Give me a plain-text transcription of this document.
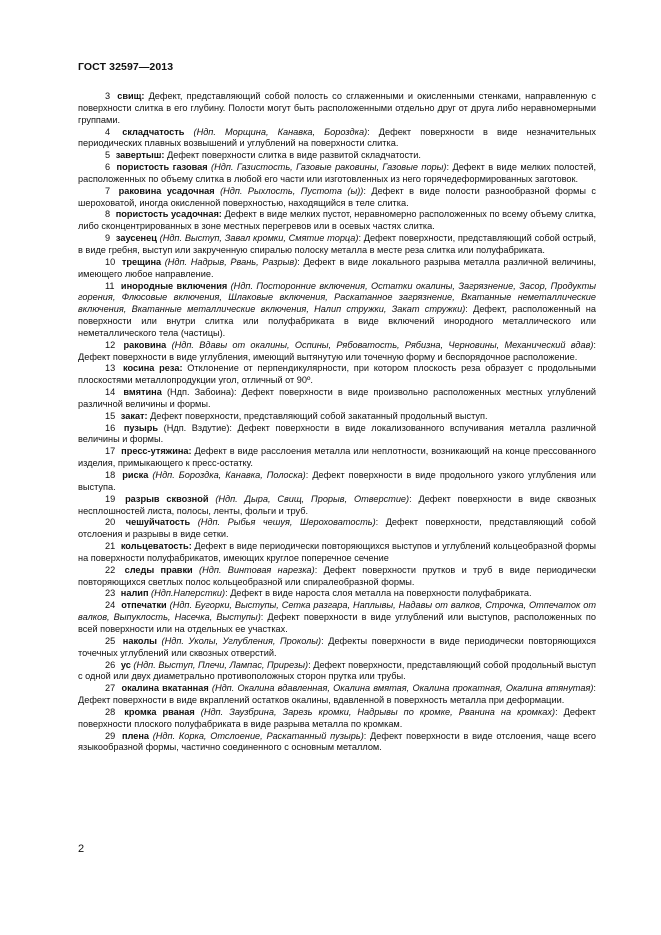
ГОСТ 32597—2013

3 свищ: Дефект, представляющий собой полость со сглаженными и окисленными стенками, направленную с поверхности слитка в его глубину. Полости могут быть расположенными отдельно друг от друга либо неравномерными группами.

4 складчатость (Ндп. Морщина, Канавка, Бороздка): Дефект поверхности в виде незначительных периодических плавных возвышений и углублений на поверхности слитка.

5 завертыш: Дефект поверхности слитка в виде развитой складчатости.

6 пористость газовая (Ндп. Газистость, Газовые раковины, Газовые поры): Дефект в виде мелких полостей, расположенных по объему слитка в любой его части или изготовленных из него горячедеформированных заготовок.

7 раковина усадочная (Ндп. Рыхлость, Пустота (ы)): Дефект в виде полости разнообразной формы с шероховатой, иногда окисленной поверхностью, находящийся в теле слитка.

8 пористость усадочная: Дефект в виде мелких пустот, неравномерно расположенных по всему объему слитка, либо сконцентрированных в зоне местных перегревов или в осевых частях слитка.

9 заусенец (Ндп. Выступ, Завал кромки, Смятие торца): Дефект поверхности, представляющий собой острый, в виде гребня, выступ или закрученную спиралью полоску металла в месте реза слитка или полуфабриката.

10 трещина (Ндп. Надрыв, Рвань, Разрыв): Дефект в виде локального разрыва металла различной величины, имеющего любое направление.

11 инородные включения (Ндп. Посторонние включения, Остатки окалины, Загрязнение, Засор, Продукты горения, Флюсовые включения, Шлаковые включения, Раскатанное загрязнение, Вкатанные неметаллические включения, Вкатанные металлические включения, Налип стружки, Закат стружки): Дефект, расположенный на поверхности или внутри слитка или полуфабриката в виде включений инородного металлического или неметаллического тела (частицы).

12 раковина (Ндп. Вдавы от окалины, Оспины, Рябоватость, Рябизна, Черновины, Механический вдав): Дефект поверхности в виде углубления, имеющий вытянутую или точечную форму и беспорядочное расположение.

13 косина реза: Отклонение от перпендикулярности, при котором плоскость реза образует с продольными плоскостями металлопродукции угол, отличный от 90º.

14 вмятина (Ндп. Забоина): Дефект поверхности в виде произвольно расположенных местных углублений различной величины и формы.

15 закат: Дефект поверхности, представляющий собой закатанный продольный выступ.

16 пузырь (Ндп. Вздутие): Дефект поверхности в виде локализованного вспучивания металла различной величины и формы.

17 пресс-утяжина: Дефект в виде расслоения металла или неплотности, возникающий на конце прессованного изделия, примыкающего к пресс-остатку.

18 риска (Ндп. Бороздка, Канавка, Полоска): Дефект поверхности в виде продольного узкого углубления или выступа.

19 разрыв сквозной (Ндп. Дыра, Свищ, Прорыв, Отверстие): Дефект поверхности в виде сквозных несплошностей листа, полосы, ленты, фольги и труб.

20 чешуйчатость (Ндп. Рыбья чешуя, Шероховатость): Дефект поверхности, представляющий собой отслоения и разрывы в виде сетки.

21 кольцеватость: Дефект в виде периодически повторяющихся выступов и углублений кольцеобразной формы на поверхности полуфабрикатов, имеющих круглое поперечное сечение

22 следы правки (Ндп. Винтовая нарезка): Дефект поверхности прутков и труб в виде периодически повторяющихся светлых полос кольцеобразной или спиралеобразной формы.

23 налип (Ндп.Наперстки): Дефект в виде нароста слоя металла на поверхности полуфабриката.

24 отпечатки (Ндп. Бугорки, Выступы, Сетка разгара, Наплывы, Надавы от валков, Строчка, Отпечаток от валков, Выпуклость, Насечка, Выступы): Дефект поверхности в виде углублений или выступов, расположенных по всей поверхности или на отдельных ее участках.

25 наколы (Ндп. Уколы, Углубления, Проколы): Дефекты поверхности в виде периодически повторяющихся точечных углублений или сквозных отверстий.

26 ус (Ндп. Выступ, Плечи, Лампас, Прирезы): Дефект поверхности, представляющий собой продольный выступ с одной или двух диаметрально противоположных сторон прутка или трубы.

27 окалина вкатанная (Ндп. Окалина вдавленная, Окалина вмятая, Окалина прокатная, Окалина втянутая): Дефект поверхности в виде вкраплений остатков окалины, вдавленной в поверхность металла при деформации.

28 кромка рваная (Ндп. Заузбрина, Зарезь кромки, Надрывы по кромке, Рванина на кромках): Дефект поверхности плоского полуфабриката в виде разрыва металла по кромкам.

29 плена (Ндп. Корка, Отслоение, Раскатанный пузырь): Дефект поверхности в виде отслоения, чаще всего языкообразной формы, частично соединенного с основным металлом.

2
